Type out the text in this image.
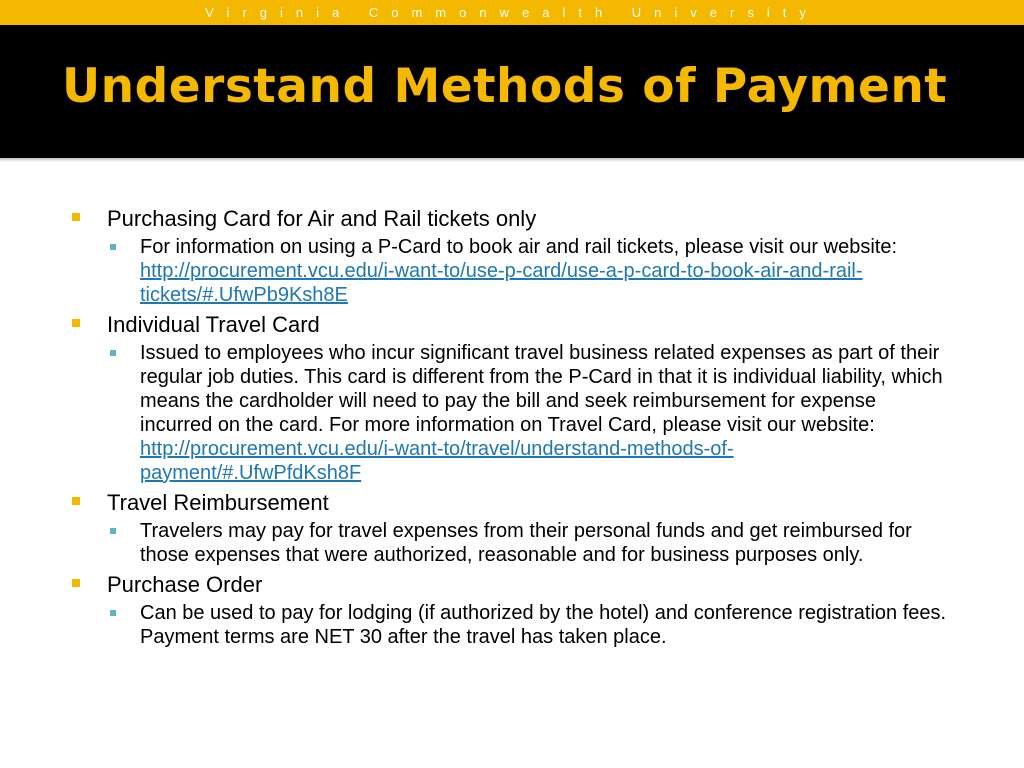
Virginia Commonwealth University
Understand Methods of Payment
Purchasing Card for Air and Rail tickets only
For information on using a P-Card to book air and rail tickets, please visit our website: http://procurement.vcu.edu/i-want-to/use-p-card/use-a-p-card-to-book-air-and-rail-tickets/#.UfwPb9Ksh8E
Individual Travel Card
Issued to employees who incur significant travel business related expenses as part of their regular job duties. This card is different from the P-Card in that it is individual liability, which means the cardholder will need to pay the bill and seek reimbursement for expense incurred on the card. For more information on Travel Card, please visit our website: http://procurement.vcu.edu/i-want-to/travel/understand-methods-of-payment/#.UfwPfdKsh8F
Travel Reimbursement
Travelers may pay for travel expenses from their personal funds and get reimbursed for those expenses that were authorized, reasonable and for business purposes only.
Purchase Order
Can be used to pay for lodging (if authorized by the hotel) and conference registration fees. Payment terms are NET 30 after the travel has taken place.
